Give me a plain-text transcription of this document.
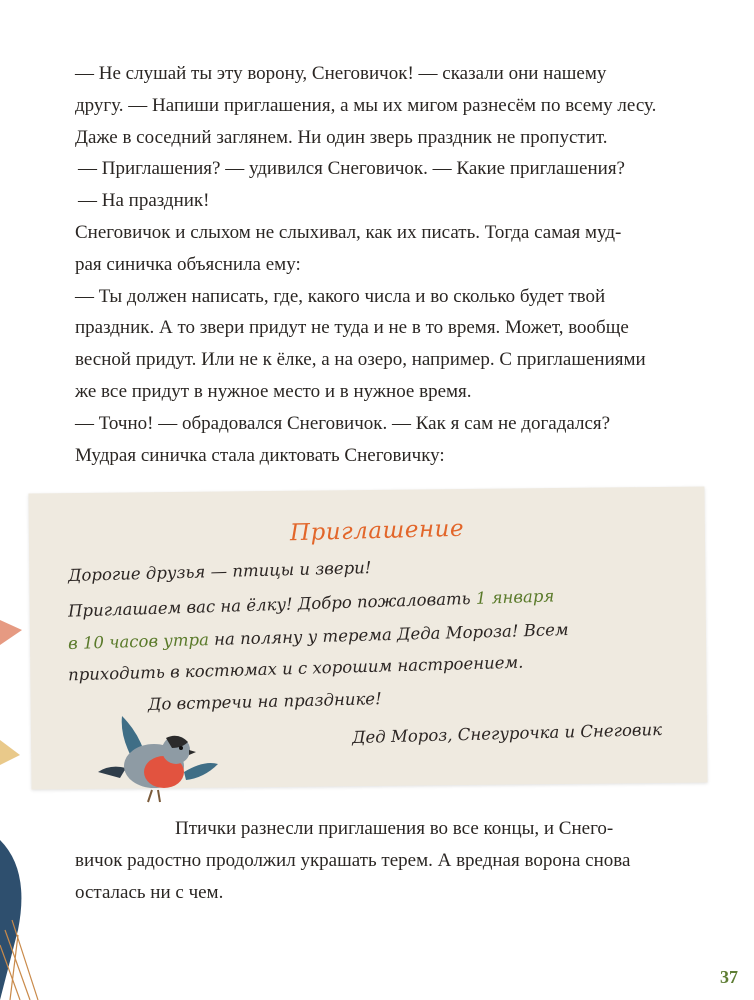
— Не слушай ты эту ворону, Снеговичок! — сказали они нашему

другу. — Напиши приглашения, а мы их мигом разнесём по всему лесу.

Даже в соседний заглянем. Ни один зверь праздник не пропустит.

— Приглашения? — удивился Снеговичок. — Какие приглашения?

— На праздник!

Снеговичок и слыхом не слыхивал, как их писать. Тогда самая муд-

рая синичка объяснила ему:

— Ты должен написать, где, какого числа и во сколько будет твой

праздник. А то звери придут не туда и не в то время. Может, вообще

весной придут. Или не к ёлке, а на озеро, например. С приглашениями

же все придут в нужное место и в нужное время.

— Точно! — обрадовался Снеговичок. — Как я сам не догадался?

Мудрая синичка стала диктовать Снеговичку:

Приглашение
Дорогие друзья — птицы и звери!
Приглашаем вас на ёлку! Добро пожаловать 1 января
в 10 часов утра на поляну у терема Деда Мороза! Всем
приходить в костюмах и с хорошим настроением.
До встречи на празднике!
Дед Мороз, Снегурочка и Снеговик

Птички разнесли приглашения во все концы, и Снего-

вичок радостно продолжил украшать терем. А вредная ворона снова

осталась ни с чем.

37
